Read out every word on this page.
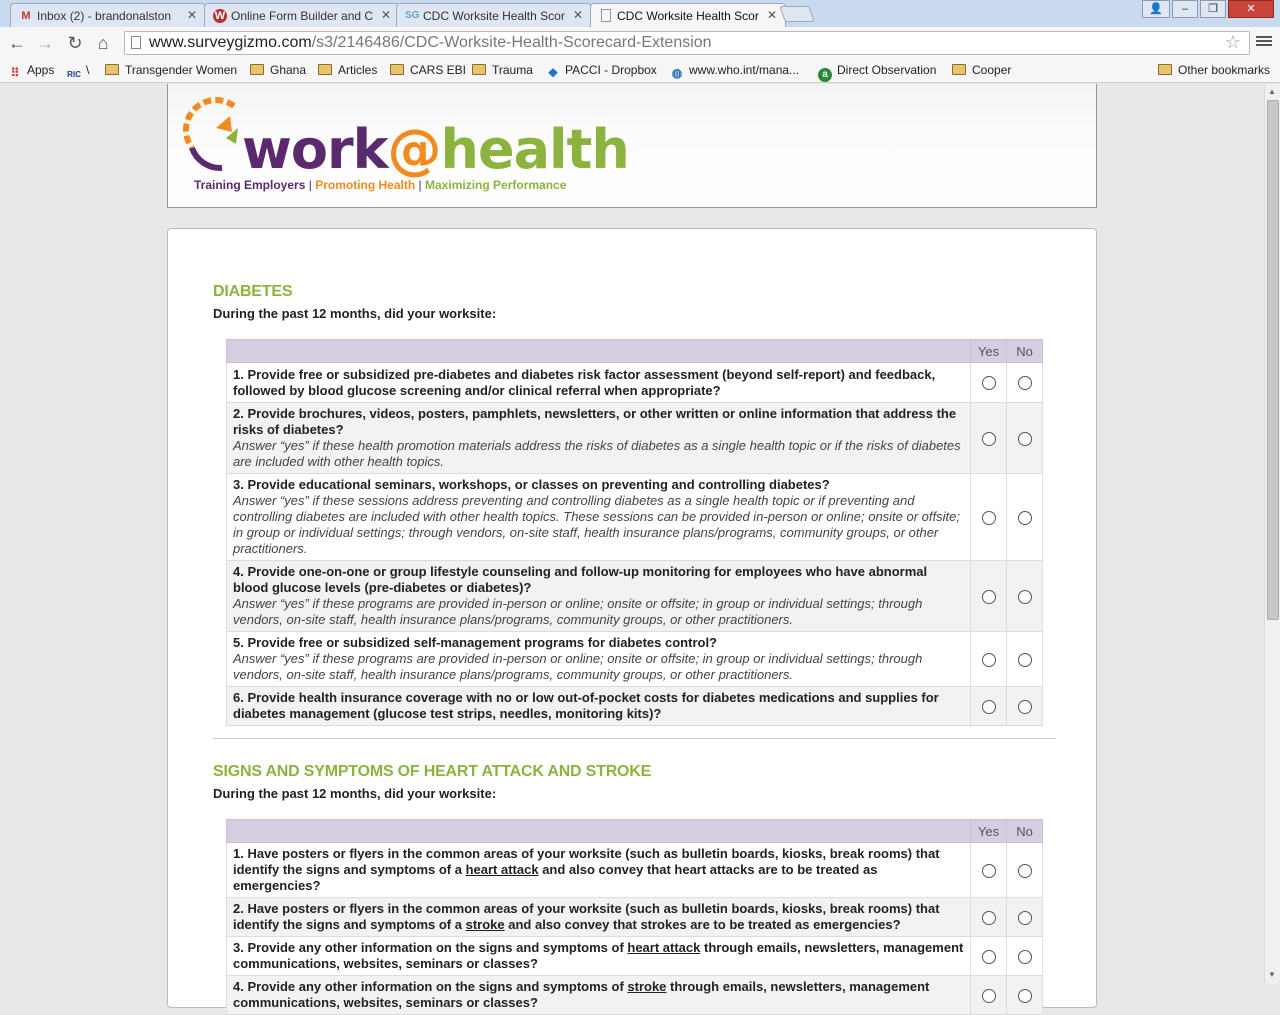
M Inbox (2) - brandonalston	✕ W Online Form Builder and C ✕ SG CDC Worksite Health Scor ✕	CDC Worksite Health Scor ✕	👤	–	❐	✕
← → ↻ ⌂	www.surveygizmo.com/s3/2146486/CDC-Worksite-Health-Scorecard-Extension	☆
⠿ Apps RIC \	Transgender Women	Ghana	Articles	CARS EBI	Trauma ❖ PACCI - Dropbox ◍ www.who.int/mana...	a Direct Observation	Cooper	Other bookmarks
work@health
Training Employers | Promoting Health | Maximizing Performance
DIABETES
During the past 12 months, did your worksite:
	Yes	No
1. Provide free or subsidized pre-diabetes and diabetes risk factor assessment (beyond self-report) and feedback, followed by blood glucose screening and/or clinical referral when appropriate?		
2. Provide brochures, videos, posters, pamphlets, newsletters, or other written or online information that address the risks of diabetes?
Answer “yes” if these health promotion materials address the risks of diabetes as a single health topic or if the risks of diabetes are included with other health topics.		

3. Provide educational seminars, workshops, or classes on preventing and controlling diabetes?
Answer “yes” if these sessions address preventing and controlling diabetes as a single health topic or if preventing and controlling diabetes are included with other health topics. These sessions can be provided in-person or online; onsite or offsite; in group or individual settings; through vendors, on-site staff, health insurance plans/programs, community groups, or other practitioners.		

4. Provide one-on-one or group lifestyle counseling and follow-up monitoring for employees who have abnormal blood glucose levels (pre-diabetes or diabetes)?
Answer “yes” if these programs are provided in-person or online; onsite or offsite; in group or individual settings; through vendors, on-site staff, health insurance plans/programs, community groups, or other practitioners.		

5. Provide free or subsidized self-management programs for diabetes control?
Answer “yes” if these programs are provided in-person or online; onsite or offsite; in group or individual settings; through vendors, on-site staff, health insurance plans/programs, community groups, or other practitioners.		

6. Provide health insurance coverage with no or low out-of-pocket costs for diabetes medications and supplies for diabetes management (glucose test strips, needles, monitoring kits)?		
SIGNS AND SYMPTOMS OF HEART ATTACK AND STROKE
During the past 12 months, did your worksite:
	Yes	No
1. Have posters or flyers in the common areas of your worksite (such as bulletin boards, kiosks, break rooms) that identify the signs and symptoms of a heart attack and also convey that heart attacks are to be treated as emergencies?		
2. Have posters or flyers in the common areas of your worksite (such as bulletin boards, kiosks, break rooms) that identify the signs and symptoms of a stroke and also convey that strokes are to be treated as emergencies?		
3. Provide any other information on the signs and symptoms of heart attack through emails, newsletters, management communications, websites, seminars or classes?		
4. Provide any other information on the signs and symptoms of stroke through emails, newsletters, management communications, websites, seminars or classes?		
▲
▼
